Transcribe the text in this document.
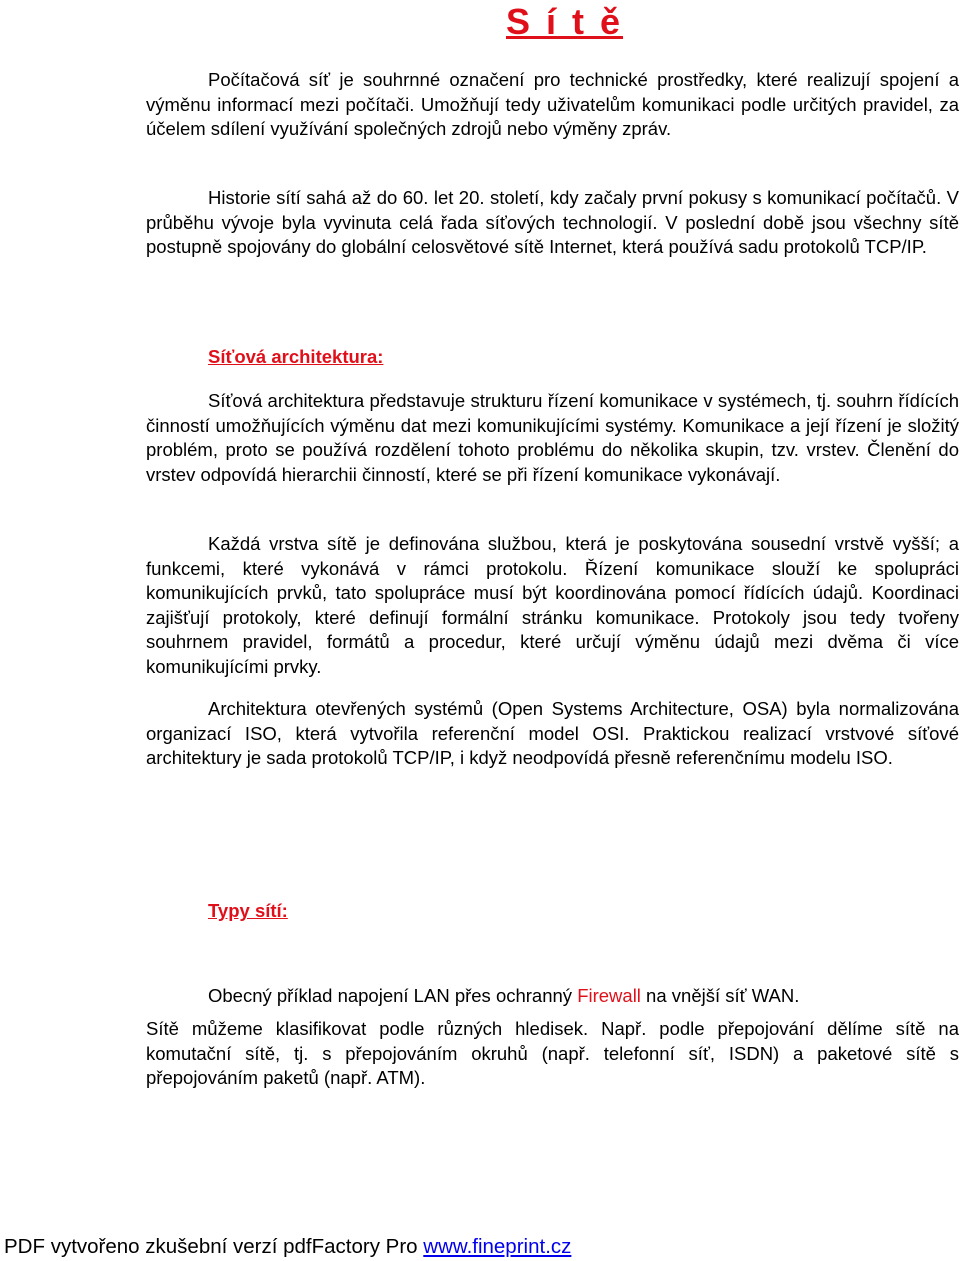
S í t ě

Počítačová síť je souhrnné označení pro technické prostředky, které realizují spojení a výměnu informací mezi počítači. Umožňují tedy uživatelům komunikaci podle určitých pravidel, za účelem sdílení využívání společných zdrojů nebo výměny zpráv.

Historie sítí sahá až do 60. let 20. století, kdy začaly první pokusy s komunikací počítačů. V průběhu vývoje byla vyvinuta celá řada síťových technologií. V poslední době jsou všechny sítě postupně spojovány do globální celosvětové sítě Internet, která používá sadu protokolů TCP/IP.

Síťová architektura:

Síťová architektura představuje strukturu řízení komunikace v systémech, tj. souhrn řídících činností umožňujících výměnu dat mezi komunikujícími systémy. Komunikace a její řízení je složitý problém, proto se používá rozdělení tohoto problému do několika skupin, tzv. vrstev. Členění do vrstev odpovídá hierarchii činností, které se při řízení komunikace vykonávají.

Každá vrstva sítě je definována službou, která je poskytována sousední vrstvě vyšší; a funkcemi, které vykonává v rámci protokolu. Řízení komunikace slouží ke spolupráci komunikujících prvků, tato spolupráce musí být koordinována pomocí řídících údajů. Koordinaci zajišťují protokoly, které definují formální stránku komunikace. Protokoly jsou tedy tvořeny souhrnem pravidel, formátů a procedur, které určují výměnu údajů mezi dvěma či více komunikujícími prvky.

Architektura otevřených systémů (Open Systems Architecture, OSA) byla normalizována organizací ISO, která vytvořila referenční model OSI. Praktickou realizací vrstvové síťové architektury je sada protokolů TCP/IP, i když neodpovídá přesně referenčnímu modelu ISO.

Typy sítí:

Obecný příklad napojení LAN přes ochranný Firewall na vnější síť WAN.

Sítě můžeme klasifikovat podle různých hledisek. Např. podle přepojování dělíme sítě na komutační sítě, tj. s přepojováním okruhů (např. telefonní síť, ISDN) a paketové sítě s přepojováním paketů (např. ATM).

PDF vytvořeno zkušební verzí pdfFactory Pro www.fineprint.cz
